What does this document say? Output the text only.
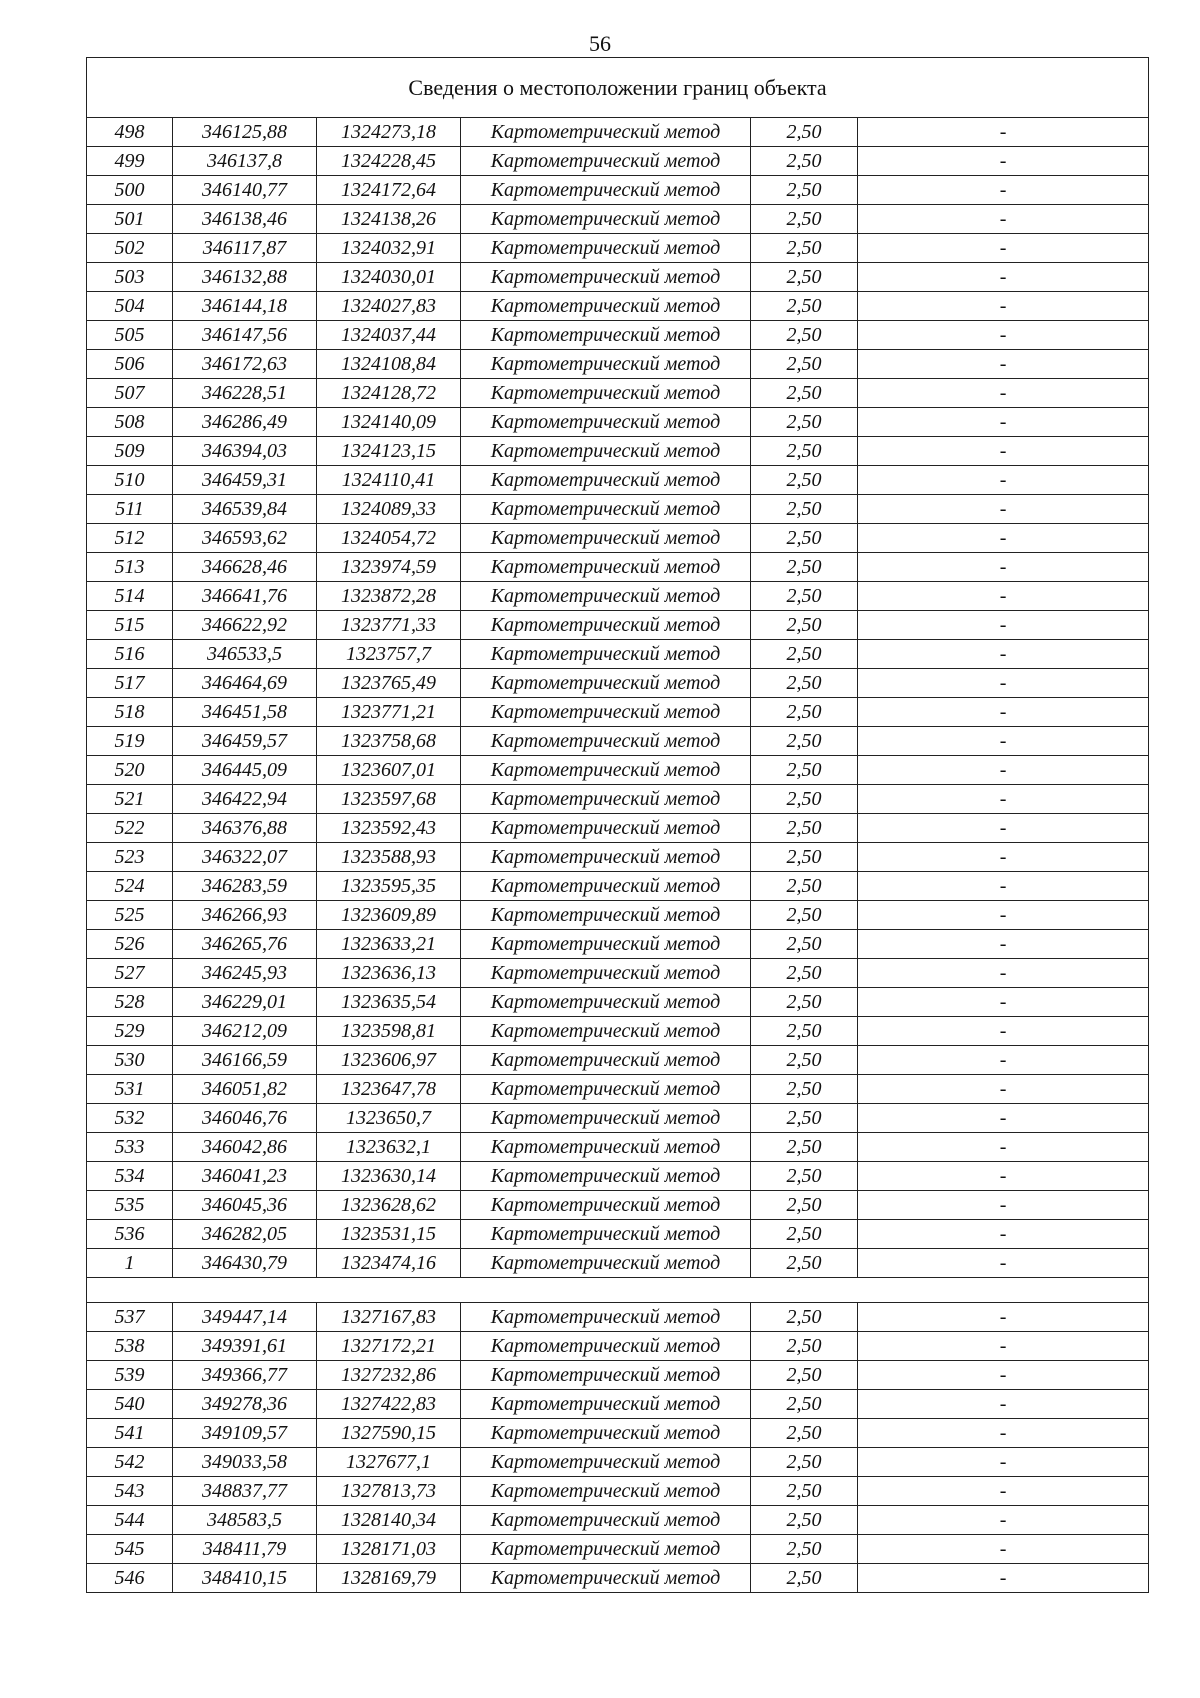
56
Сведения о местоположении границ объекта					
498	346125,88	1324273,18	Картометрический метод	2,50	-
499	346137,8	1324228,45	Картометрический метод	2,50	-
500	346140,77	1324172,64	Картометрический метод	2,50	-
501	346138,46	1324138,26	Картометрический метод	2,50	-
502	346117,87	1324032,91	Картометрический метод	2,50	-
503	346132,88	1324030,01	Картометрический метод	2,50	-
504	346144,18	1324027,83	Картометрический метод	2,50	-
505	346147,56	1324037,44	Картометрический метод	2,50	-
506	346172,63	1324108,84	Картометрический метод	2,50	-
507	346228,51	1324128,72	Картометрический метод	2,50	-
508	346286,49	1324140,09	Картометрический метод	2,50	-
509	346394,03	1324123,15	Картометрический метод	2,50	-
510	346459,31	1324110,41	Картометрический метод	2,50	-
511	346539,84	1324089,33	Картометрический метод	2,50	-
512	346593,62	1324054,72	Картометрический метод	2,50	-
513	346628,46	1323974,59	Картометрический метод	2,50	-
514	346641,76	1323872,28	Картометрический метод	2,50	-
515	346622,92	1323771,33	Картометрический метод	2,50	-
516	346533,5	1323757,7	Картометрический метод	2,50	-
517	346464,69	1323765,49	Картометрический метод	2,50	-
518	346451,58	1323771,21	Картометрический метод	2,50	-
519	346459,57	1323758,68	Картометрический метод	2,50	-
520	346445,09	1323607,01	Картометрический метод	2,50	-
521	346422,94	1323597,68	Картометрический метод	2,50	-
522	346376,88	1323592,43	Картометрический метод	2,50	-
523	346322,07	1323588,93	Картометрический метод	2,50	-
524	346283,59	1323595,35	Картометрический метод	2,50	-
525	346266,93	1323609,89	Картометрический метод	2,50	-
526	346265,76	1323633,21	Картометрический метод	2,50	-
527	346245,93	1323636,13	Картометрический метод	2,50	-
528	346229,01	1323635,54	Картометрический метод	2,50	-
529	346212,09	1323598,81	Картометрический метод	2,50	-
530	346166,59	1323606,97	Картометрический метод	2,50	-
531	346051,82	1323647,78	Картометрический метод	2,50	-
532	346046,76	1323650,7	Картометрический метод	2,50	-
533	346042,86	1323632,1	Картометрический метод	2,50	-
534	346041,23	1323630,14	Картометрический метод	2,50	-
535	346045,36	1323628,62	Картометрический метод	2,50	-
536	346282,05	1323531,15	Картометрический метод	2,50	-
1	346430,79	1323474,16	Картометрический метод	2,50	-

537	349447,14	1327167,83	Картометрический метод	2,50	-
538	349391,61	1327172,21	Картометрический метод	2,50	-
539	349366,77	1327232,86	Картометрический метод	2,50	-
540	349278,36	1327422,83	Картометрический метод	2,50	-
541	349109,57	1327590,15	Картометрический метод	2,50	-
542	349033,58	1327677,1	Картометрический метод	2,50	-
543	348837,77	1327813,73	Картометрический метод	2,50	-
544	348583,5	1328140,34	Картометрический метод	2,50	-
545	348411,79	1328171,03	Картометрический метод	2,50	-
546	348410,15	1328169,79	Картометрический метод	2,50	-
